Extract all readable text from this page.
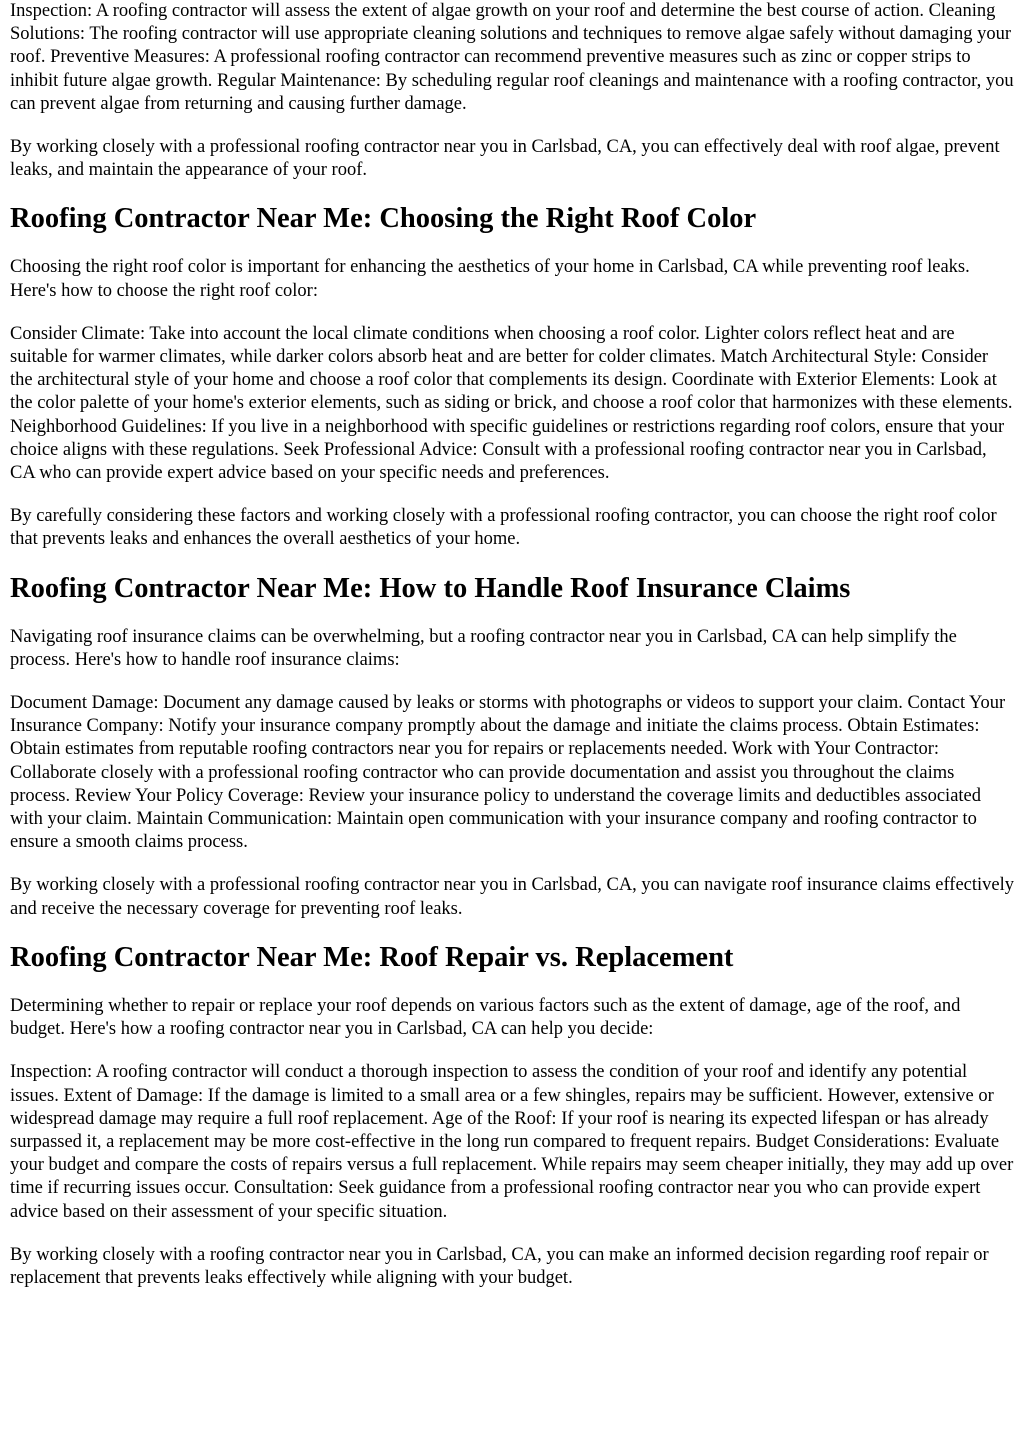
Inspection: A roofing contractor will assess the extent of algae growth on your roof and determine the best course of action. Cleaning Solutions: The roofing contractor will use appropriate cleaning solutions and techniques to remove algae safely without damaging your roof. Preventive Measures: A professional roofing contractor can recommend preventive measures such as zinc or copper strips to inhibit future algae growth. Regular Maintenance: By scheduling regular roof cleanings and maintenance with a roofing contractor, you can prevent algae from returning and causing further damage.

By working closely with a professional roofing contractor near you in Carlsbad, CA, you can effectively deal with roof algae, prevent leaks, and maintain the appearance of your roof.

Roofing Contractor Near Me: Choosing the Right Roof Color

Choosing the right roof color is important for enhancing the aesthetics of your home in Carlsbad, CA while preventing roof leaks. Here's how to choose the right roof color:

Consider Climate: Take into account the local climate conditions when choosing a roof color. Lighter colors reflect heat and are suitable for warmer climates, while darker colors absorb heat and are better for colder climates. Match Architectural Style: Consider the architectural style of your home and choose a roof color that complements its design. Coordinate with Exterior Elements: Look at the color palette of your home's exterior elements, such as siding or brick, and choose a roof color that harmonizes with these elements. Neighborhood Guidelines: If you live in a neighborhood with specific guidelines or restrictions regarding roof colors, ensure that your choice aligns with these regulations. Seek Professional Advice: Consult with a professional roofing contractor near you in Carlsbad, CA who can provide expert advice based on your specific needs and preferences.

By carefully considering these factors and working closely with a professional roofing contractor, you can choose the right roof color that prevents leaks and enhances the overall aesthetics of your home.

Roofing Contractor Near Me: How to Handle Roof Insurance Claims

Navigating roof insurance claims can be overwhelming, but a roofing contractor near you in Carlsbad, CA can help simplify the process. Here's how to handle roof insurance claims:

Document Damage: Document any damage caused by leaks or storms with photographs or videos to support your claim. Contact Your Insurance Company: Notify your insurance company promptly about the damage and initiate the claims process. Obtain Estimates: Obtain estimates from reputable roofing contractors near you for repairs or replacements needed. Work with Your Contractor: Collaborate closely with a professional roofing contractor who can provide documentation and assist you throughout the claims process. Review Your Policy Coverage: Review your insurance policy to understand the coverage limits and deductibles associated with your claim. Maintain Communication: Maintain open communication with your insurance company and roofing contractor to ensure a smooth claims process.

By working closely with a professional roofing contractor near you in Carlsbad, CA, you can navigate roof insurance claims effectively and receive the necessary coverage for preventing roof leaks.

Roofing Contractor Near Me: Roof Repair vs. Replacement

Determining whether to repair or replace your roof depends on various factors such as the extent of damage, age of the roof, and budget. Here's how a roofing contractor near you in Carlsbad, CA can help you decide:

Inspection: A roofing contractor will conduct a thorough inspection to assess the condition of your roof and identify any potential issues. Extent of Damage: If the damage is limited to a small area or a few shingles, repairs may be sufficient. However, extensive or widespread damage may require a full roof replacement. Age of the Roof: If your roof is nearing its expected lifespan or has already surpassed it, a replacement may be more cost-effective in the long run compared to frequent repairs. Budget Considerations: Evaluate your budget and compare the costs of repairs versus a full replacement. While repairs may seem cheaper initially, they may add up over time if recurring issues occur. Consultation: Seek guidance from a professional roofing contractor near you who can provide expert advice based on their assessment of your specific situation.

By working closely with a roofing contractor near you in Carlsbad, CA, you can make an informed decision regarding roof repair or replacement that prevents leaks effectively while aligning with your budget.
